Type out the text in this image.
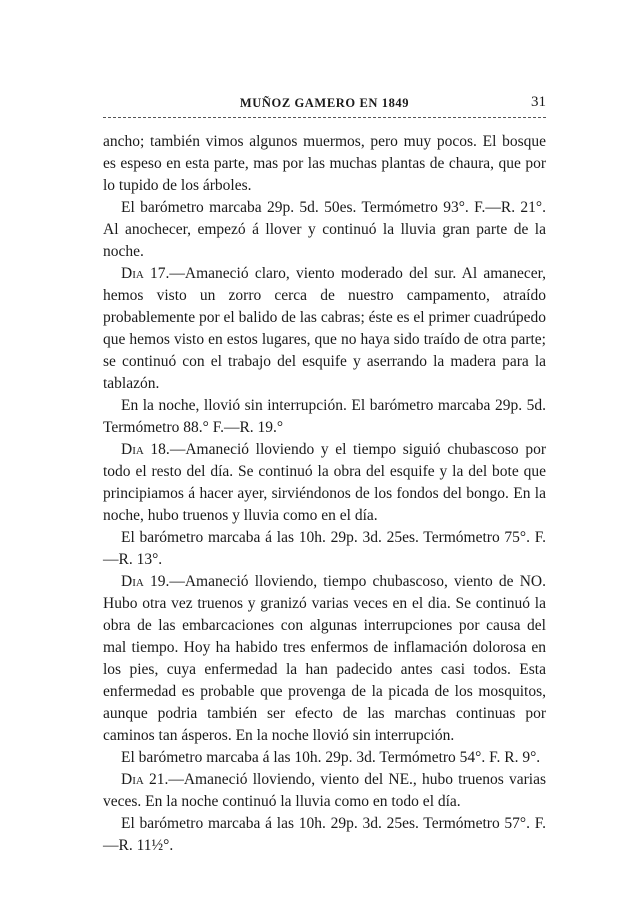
MUÑOZ GAMERO EN 1849	31

ancho; también vimos algunos muermos, pero muy pocos. El bosque es espeso en esta parte, mas por las muchas plantas de chaura, que por lo tupido de los árboles.

El barómetro marcaba 29p. 5d. 50es. Termómetro 93°. F.—R. 21°. Al anochecer, empezó á llover y continuó la lluvia gran parte de la noche.

Dia 17.—Amaneció claro, viento moderado del sur. Al amanecer, hemos visto un zorro cerca de nuestro campamento, atraído probablemente por el balido de las cabras; éste es el primer cuadrúpedo que hemos visto en estos lugares, que no haya sido traído de otra parte; se continuó con el trabajo del esquife y aserrando la madera para la tablazón.

En la noche, llovió sin interrupción. El barómetro marcaba 29p. 5d. Termómetro 88.° F.—R. 19.°

Dia 18.—Amaneció lloviendo y el tiempo siguió chubascoso por todo el resto del día. Se continuó la obra del esquife y la del bote que principiamos á hacer ayer, sirviéndonos de los fondos del bongo. En la noche, hubo truenos y lluvia como en el día.

El barómetro marcaba á las 10h. 29p. 3d. 25es. Termómetro 75°. F.—R. 13°.

Dia 19.—Amaneció lloviendo, tiempo chubascoso, viento de NO. Hubo otra vez truenos y granizó varias veces en el dia. Se continuó la obra de las embarcaciones con algunas interrupciones por causa del mal tiempo. Hoy ha habido tres enfermos de inflamación dolorosa en los pies, cuya enfermedad la han padecido antes casi todos. Esta enfermedad es probable que provenga de la picada de los mosquitos, aunque podria también ser efecto de las marchas continuas por caminos tan ásperos. En la noche llovió sin interrupción.

El barómetro marcaba á las 10h. 29p. 3d. Termómetro 54°. F. R. 9°.

Dia 21.—Amaneció lloviendo, viento del NE., hubo truenos varias veces. En la noche continuó la lluvia como en todo el día.

El barómetro marcaba á las 10h. 29p. 3d. 25es. Termómetro 57°. F.—R. 11½°.
